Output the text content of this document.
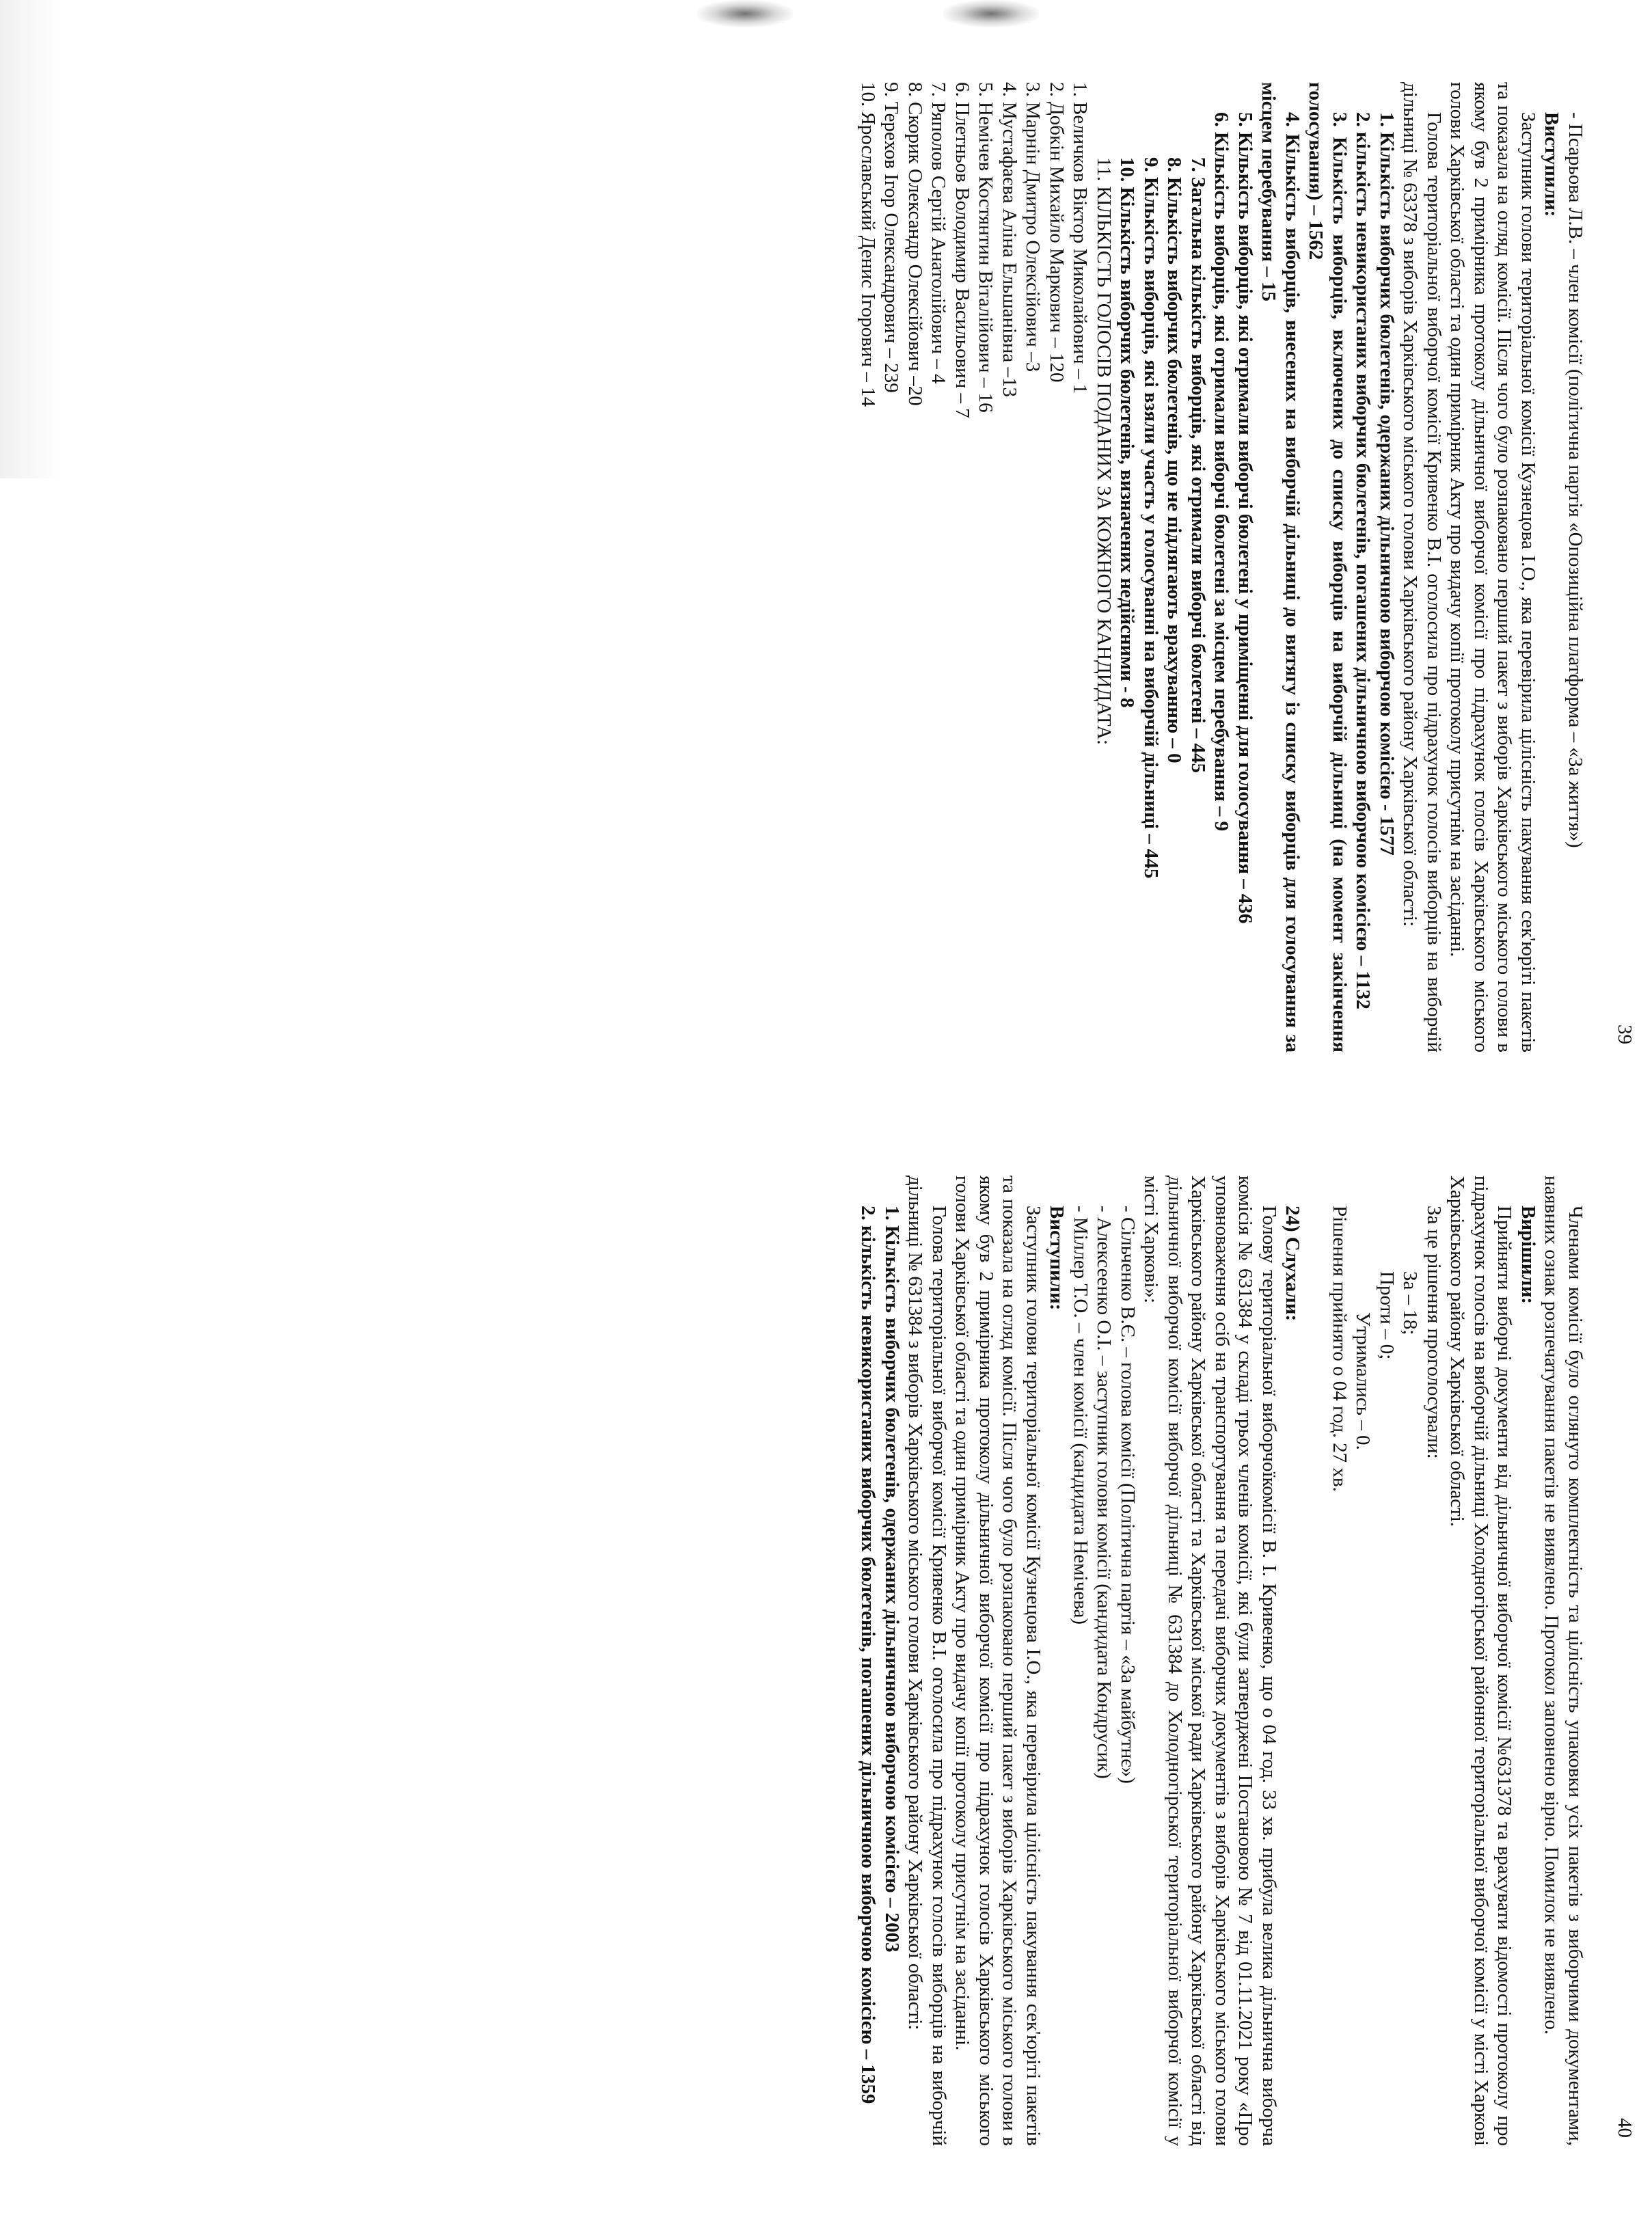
39

- Псарьова Л.В. – член комісії (політична партія «Опозиційна платформа – «За життя»)

Виступили:

Заступник голови територіальної комісії Кузнецова І.О., яка перевірила цілісність пакування сек'юріті пакетів та показала на огляд комісії. Після чого було розпаковано перший пакет з виборів Харківського міського голови в якому був 2 примірника протоколу дільничної виборчої комісії про підрахунок голосів Харківського міського голови Харківської області та один примірник Акту про видачу копії протоколу присутнім на засіданні.

Голова територіальної виборчої комісії Кривенко В.І. оголосила про підрахунок голосів виборців на виборчій дільниці № 63378 з виборів Харківського міського голови Харківського району Харківської області:

1. Кількість виборчих бюлетенів, одержаних дільничною виборчою комісією - 1577

2. кількість невикористаних виборчих бюлетенів, погашених дільничною виборчою комісією – 1132

3. Кількість виборців, включених до списку виборців на виборчій дільниці (на момент закінчення голосування) – 1562

4. Кількість виборців, внесених на виборчій дільниці до витягу із списку виборців для голосування за місцем перебування – 15

5. Кількість виборців, які отримали виборчі бюлетені у приміщенні для голосування – 436

6. Кількість виборців, які отримали виборчі бюлетені за місцем перебування – 9

7. Загальна кількість виборців, які отримали виборчі бюлетені – 445

8. Кількість виборчих бюлетенів, що не підлягають врахуванню – 0

9. Кількість виборців, які взяли участь у голосуванні на виборчій дільниці – 445

10. Кількість виборчих бюлетенів, визначених недійсними - 8

11. КІЛЬКІСТЬ ГОЛОСІВ ПОДАНИХ ЗА КОЖНОГО КАНДИДАТА:

1. Величков Віктор Миколайович – 1

2. Добкін Михайло Маркович – 120

3. Марнін Дмитро Олексійович –3

4. Мустафаєва Аліна Ельшанівна –13

5. Немічев Костянтин Віталійович – 16

6. Плетньов Володимир Васильович – 7

7. Ряполов Сергій Анатолійович – 4

8. Скорик Олександр Олексійович –20

9. Терехов Ігор Олександрович – 239

10. Ярославський Денис Ігорович – 14

40

Членами комісії було оглянуто комплектність та цілісність упаковки усіх пакетів з виборчими документами, наявних ознак розпечатування пакетів не виявлено. Протокол заповнено вірно. Помилок не виявлено.

Вирішили:

Прийняти виборчі документи від дільничної виборчої комісії №631378 та врахувати відомості протоколу про підрахунок голосів на виборчій дільниці Холодногірської районної територіальної виборчої комісії у місті Харкові Харківського району Харківської області.

За це рішення проголосували:

За – 18;

Проти – 0;

Утримались – 0.

Рішення прийнято о 04 год. 27 хв.

24) Слухали:

Голову територіальної виборчоїкомісії В. І. Кривенко, що о 04 год. 33 хв. прибула велика дільнична виборча комісія № 631384 у складі трьох членів комісії, які були затверджені Постановою № 7 від 01.11.2021 року «Про уповноваження осіб на транспортування та передачі виборчих документів з виборів Харківського міського голови Харківського району Харківської області та Харківської міської ради Харківського району Харківської області від дільничної виборчої комісії виборчої дільниці № 631384 до Холодногірської територіальної виборчої комісії у місті Харкові»:

- Сільченко В.Є. – голова комісії (Політична партія – «За майбутнє»)

- Алексеенко О.І. – заступник голови комісії (кандидата Кондрусик)

- Міллер Т.О. – член комісії (кандидата Немічева)

Виступили:

Заступник голови територіальної комісії Кузнецова І.О., яка перевірила цілісність пакування сек'юріті пакетів та показала на огляд комісії. Після чого було розпаковано перший пакет з виборів Харківського міського голови в якому був 2 примірника протоколу дільничної виборчої комісії про підрахунок голосів Харківського міського голови Харківської області та один примірник Акту про видачу копії протоколу присутнім на засіданні.

Голова територіальної виборчої комісії Кривенко В.І. оголосила про підрахунок голосів виборців на виборчій дільниці № 631384 з виборів Харківського міського голови Харківського району Харківської області:

1. Кількість виборчих бюлетенів, одержаних дільничною виборчою комісією – 2003

2. кількість невикористаних виборчих бюлетенів, погашених дільничною виборчою комісією – 1359
